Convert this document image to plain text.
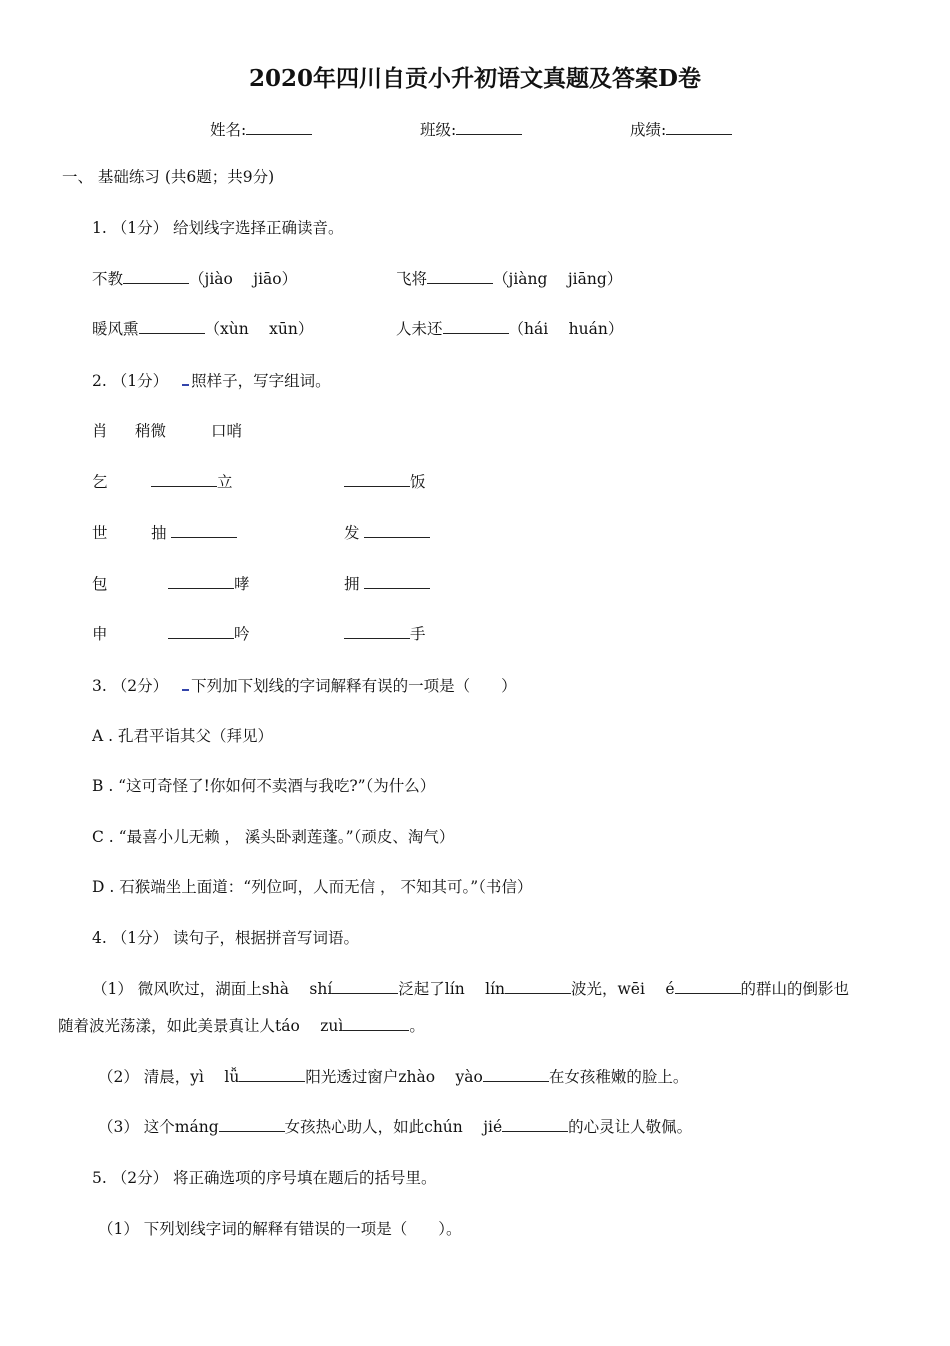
2020年四川自贡小升初语文真题及答案D卷
姓名:	班级:	成绩:
一、 基础练习 (共6题；共9分)
1. （1分） 给划线字选择正确读音。
不教	（jiào　 jiāo）	飞将	（jiàng　 jiāng）
暖风熏	（xùn　 xūn）	人未还	（hái　 huán）
2. （1分） 照样子，写字组词。
肖 稍微	口哨
乞	立	饭
世	抽	发
包	哮	拥
申	吟	手
3. （2分） 下列加下划线的字词解释有误的一项是（　　）
A . 孔君平诣其父（拜见）
B . “这可奇怪了!你如何不卖酒与我吃?”（为什么）
C . “最喜小儿无赖 ， 溪头卧剥莲蓬。”（顽皮、淘气）
D . 石猴端坐上面道：“列位呵，人而无信 ， 不知其可。”（书信）
4. （1分） 读句子，根据拼音写词语。
（1） 微风吹过，湖面上shà　 shí	泛起了lín　 lín	波光，wēi　 é	的群山的倒影也
随着波光荡漾，如此美景真让人táo　 zuì	。
（2） 清晨，yì　 lǚ	阳光透过窗户zhào　 yào	在女孩稚嫩的脸上。
（3） 这个máng	女孩热心助人，如此chún　 jié	的心灵让人敬佩。
5. （2分） 将正确选项的序号填在题后的括号里。
（1） 下列划线字词的解释有错误的一项是（　　）。
